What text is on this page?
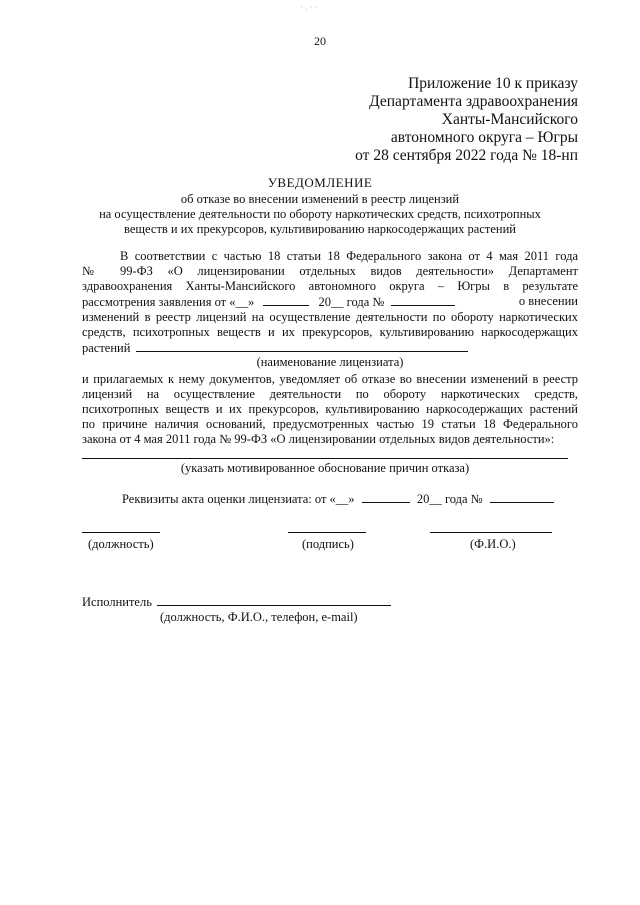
· . · ·
20
Приложение 10 к приказу
Департамента здравоохранения
Ханты-Мансийского
автономного округа – Югры
от 28 сентября 2022 года № 18-нп
УВЕДОМЛЕНИЕ
об отказе во внесении изменений в реестр лицензий
на осуществление деятельности по обороту наркотических средств, психотропных
веществ и их прекурсоров, культивированию наркосодержащих растений
В соответствии с частью 18 статьи 18 Федерального закона от 4 мая 2011 года
№ 99-ФЗ «О лицензировании отдельных видов деятельности» Департамент
здравоохранения Ханты-Мансийского автономного округа – Югры в результате
рассмотрения заявления от «__»	20__ года №	о внесении
изменений в реестр лицензий на осуществление деятельности по обороту наркотических
средств, психотропных веществ и их прекурсоров, культивированию наркосодержащих
растений
(наименование лицензиата)
и прилагаемых к нему документов, уведомляет об отказе во внесении изменений в реестр
лицензий на осуществление деятельности по обороту наркотических средств,
психотропных веществ и их прекурсоров, культивированию наркосодержащих растений
по причине наличия оснований, предусмотренных частью 19 статьи 18 Федерального
закона от 4 мая 2011 года № 99-ФЗ «О лицензировании отдельных видов деятельности»:
(указать мотивированное обоснование причин отказа)
Реквизиты акта оценки лицензиата: от «__»	20__ года №
(должность)	(подпись)	(Ф.И.О.)
Исполнитель
(должность, Ф.И.О., телефон, e-mail)
